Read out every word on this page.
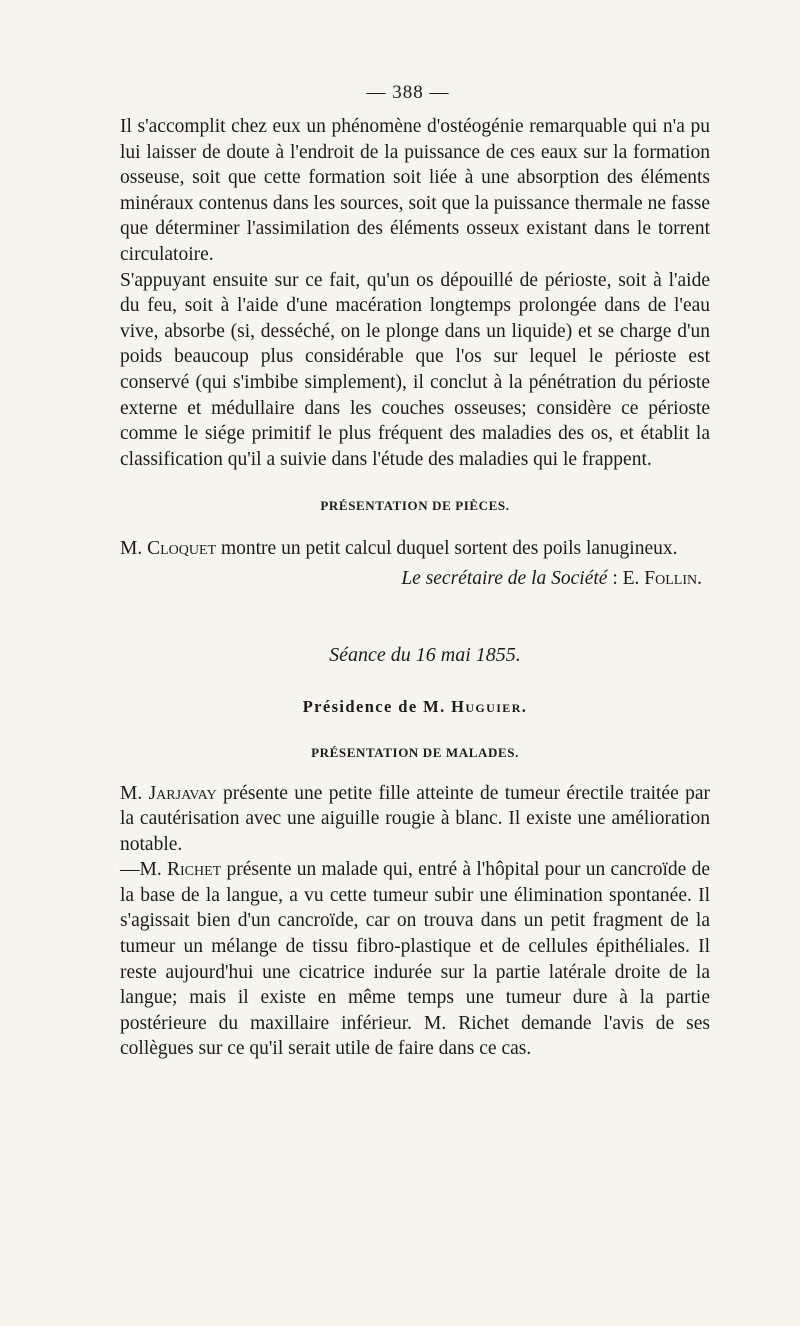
— 388 —

Il s'accomplit chez eux un phénomène d'ostéogénie remarquable qui n'a pu lui laisser de doute à l'endroit de la puissance de ces eaux sur la formation osseuse, soit que cette formation soit liée à une absorption des éléments minéraux contenus dans les sources, soit que la puissance thermale ne fasse que déterminer l'assimilation des éléments osseux existant dans le torrent circulatoire.

S'appuyant ensuite sur ce fait, qu'un os dépouillé de périoste, soit à l'aide du feu, soit à l'aide d'une macération longtemps prolongée dans de l'eau vive, absorbe (si, desséché, on le plonge dans un liquide) et se charge d'un poids beaucoup plus considérable que l'os sur lequel le périoste est conservé (qui s'imbibe simplement), il conclut à la pénétration du périoste externe et médullaire dans les couches osseuses; considère ce périoste comme le siége primitif le plus fréquent des maladies des os, et établit la classification qu'il a suivie dans l'étude des maladies qui le frappent.

PRÉSENTATION DE PIÈCES.

M. Cloquet montre un petit calcul duquel sortent des poils lanugineux.

Le secrétaire de la Société : E. Follin.
Séance du 16 mai 1855.
Présidence de M. Huguier.
PRÉSENTATION DE MALADES.

M. Jarjavay présente une petite fille atteinte de tumeur érectile traitée par la cautérisation avec une aiguille rougie à blanc. Il existe une amélioration notable.

—M. Richet présente un malade qui, entré à l'hôpital pour un cancroïde de la base de la langue, a vu cette tumeur subir une élimination spontanée. Il s'agissait bien d'un cancroïde, car on trouva dans un petit fragment de la tumeur un mélange de tissu fibro-plastique et de cellules épithéliales. Il reste aujourd'hui une cicatrice indurée sur la partie latérale droite de la langue; mais il existe en même temps une tumeur dure à la partie postérieure du maxillaire inférieur. M. Richet demande l'avis de ses collègues sur ce qu'il serait utile de faire dans ce cas.
